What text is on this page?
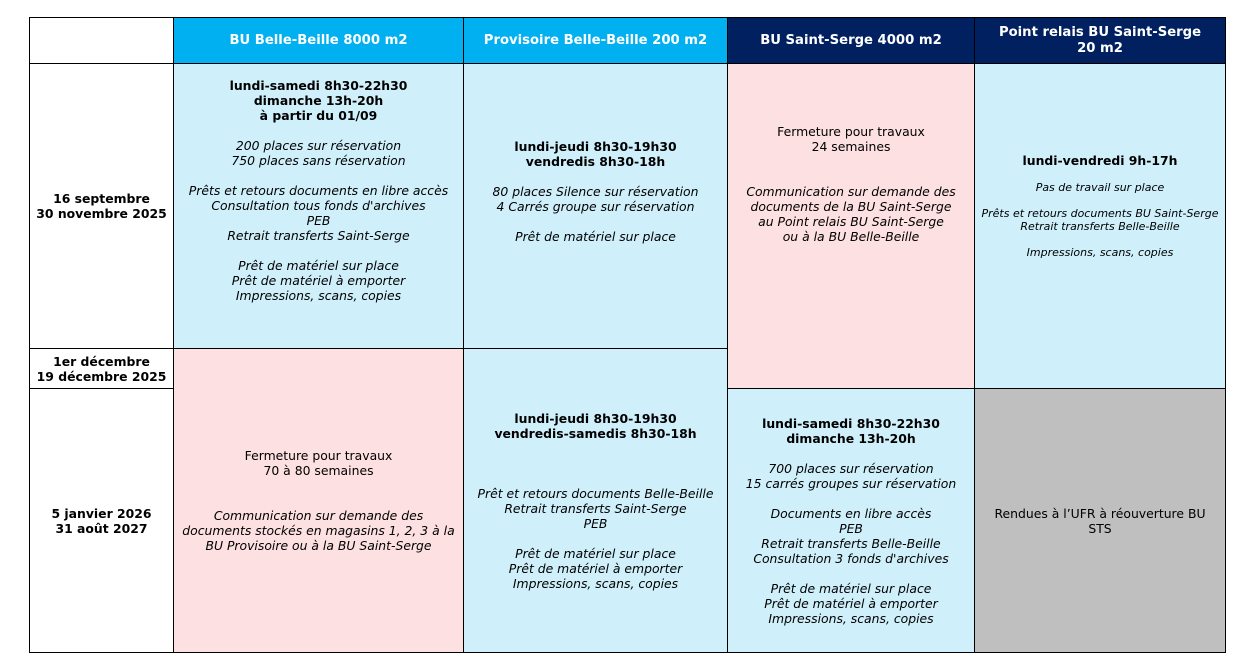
BU Belle-Beille 8000 m2	Provisoire Belle-Beille 200 m2	BU Saint-Serge 4000 m2
Point relais BU Saint-Serge
20 m2
16 septembre
30 novembre 2025
1er décembre
19 décembre 2025
5 janvier 2026
31 août 2027
lundi-samedi 8h30-22h30
dimanche 13h-20h
à partir du 01/09
200 places sur réservation
750 places sans réservation
Prêts et retours documents en libre accès
Consultation tous fonds d'archives
PEB
Retrait transferts Saint-Serge
Prêt de matériel sur place
Prêt de matériel à emporter
Impressions, scans, copies
Fermeture pour travaux
70 à 80 semaines
Communication sur demande des
documents stockés en magasins 1, 2, 3 à la
BU Provisoire ou à la BU Saint-Serge
lundi-jeudi 8h30-19h30
vendredis 8h30-18h
80 places Silence sur réservation
4 Carrés groupe sur réservation
Prêt de matériel sur place
lundi-jeudi 8h30-19h30
vendredis-samedis 8h30-18h
Prêt et retours documents Belle-Beille
Retrait transferts Saint-Serge
PEB
Prêt de matériel sur place
Prêt de matériel à emporter
Impressions, scans, copies
Fermeture pour travaux
24 semaines
Communication sur demande des
documents de la BU Saint-Serge
au Point relais BU Saint-Serge
ou à la BU Belle-Beille
lundi-samedi 8h30-22h30
dimanche 13h-20h
700 places sur réservation
15 carrés groupes sur réservation
Documents en libre accès
PEB
Retrait transferts Belle-Beille
Consultation 3 fonds d'archives
Prêt de matériel sur place
Prêt de matériel à emporter
Impressions, scans, copies
lundi-vendredi 9h-17h
Pas de travail sur place
Prêts et retours documents BU Saint-Serge
Retrait transferts Belle-Beille
Impressions, scans, copies
Rendues à l’UFR à réouverture BU
STS
